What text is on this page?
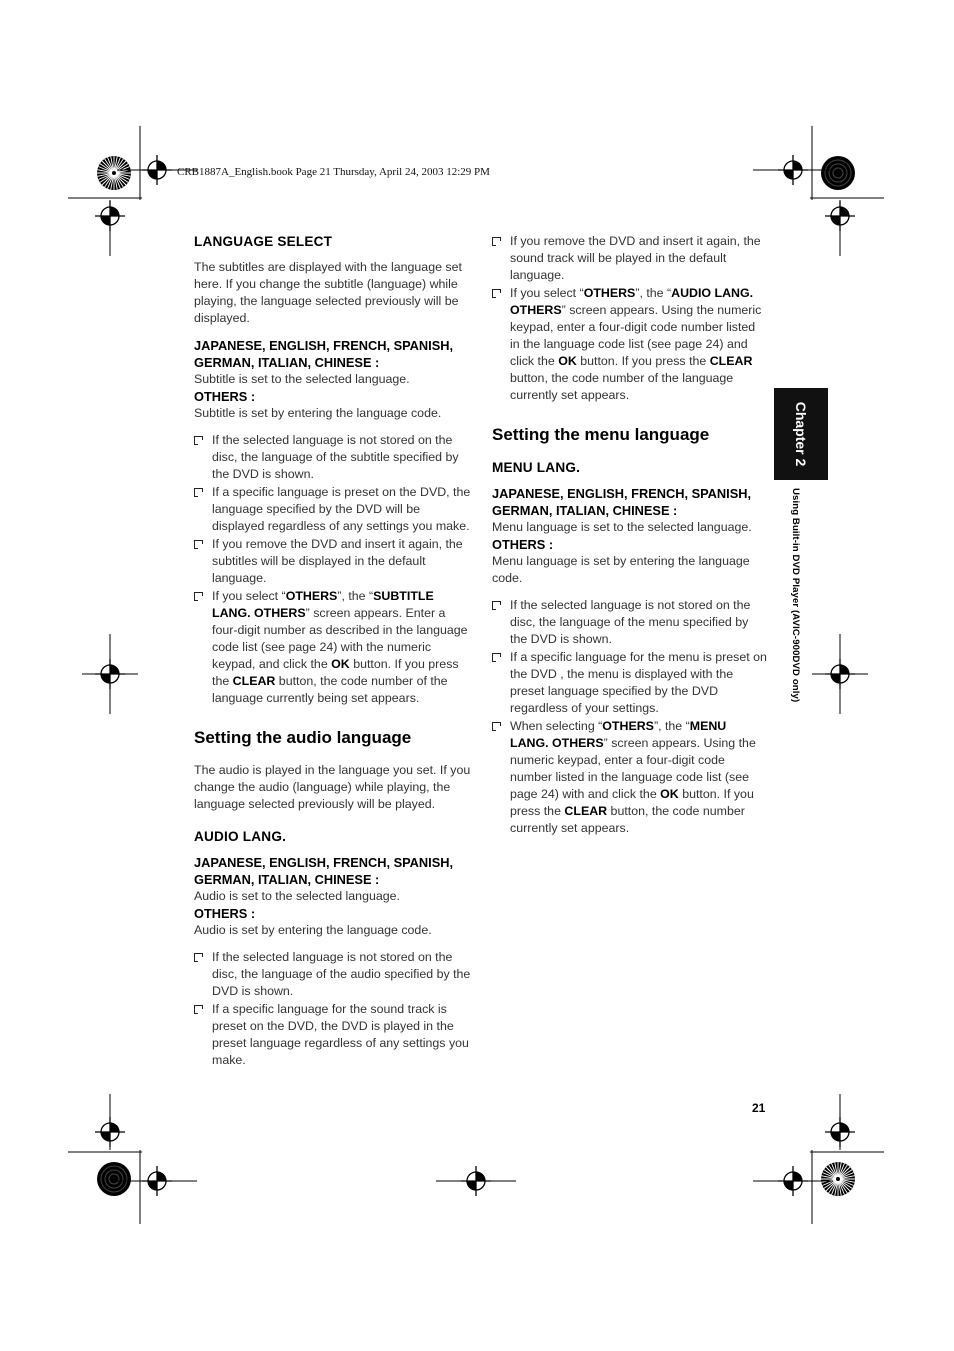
CRB1887A_English.book Page 21 Thursday, April 24, 2003 12:29 PM
Chapter 2
Using Built-in DVD Player (AVIC-900DVD only)
21
LANGUAGE SELECT

The subtitles are displayed with the language set here. If you change the subtitle (language) while playing, the language selected previously will be displayed.

JAPANESE, ENGLISH, FRENCH, SPANISH, GERMAN, ITALIAN, CHINESE :

Subtitle is set to the selected language.

OTHERS :

Subtitle is set by entering the language code.

If the selected language is not stored on the disc, the language of the subtitle specified by the DVD is shown.
If a specific language is preset on the DVD, the language specified by the DVD will be displayed regardless of any settings you make.
If you remove the DVD and insert it again, the subtitles will be displayed in the default language.
If you select “OTHERS”, the “SUBTITLE LANG. OTHERS” screen appears. Enter a four-digit number as described in the language code list (see page 24) with the numeric keypad, and click the OK button. If you press the CLEAR button, the code number of the language currently being set appears.
Setting the audio language

The audio is played in the language you set. If you change the audio (language) while playing, the language selected previously will be played.

AUDIO LANG.
JAPANESE, ENGLISH, FRENCH, SPANISH, GERMAN, ITALIAN, CHINESE :

Audio is set to the selected language.

OTHERS :

Audio is set by entering the language code.

If the selected language is not stored on the disc, the language of the audio specified by the DVD is shown.
If a specific language for the sound track is preset on the DVD, the DVD is played in the preset language regardless of any settings you make.
If you remove the DVD and insert it again, the sound track will be played in the default language.
If you select “OTHERS”, the “AUDIO LANG. OTHERS” screen appears. Using the numeric keypad, enter a four-digit code number listed in the language code list (see page 24) and click the OK button. If you press the CLEAR button, the code number of the language currently set appears.
Setting the menu language
MENU LANG.
JAPANESE, ENGLISH, FRENCH, SPANISH, GERMAN, ITALIAN, CHINESE :

Menu language is set to the selected language.

OTHERS :

Menu language is set by entering the language code.

If the selected language is not stored on the disc, the language of the menu specified by the DVD is shown.
If a specific language for the menu is preset on the DVD , the menu is displayed with the preset language specified by the DVD regardless of your settings.
When selecting “OTHERS”, the “MENU LANG. OTHERS” screen appears. Using the numeric keypad, enter a four-digit code number listed in the language code list (see page 24) with and click the OK button. If you press the CLEAR button, the code number currently set appears.
